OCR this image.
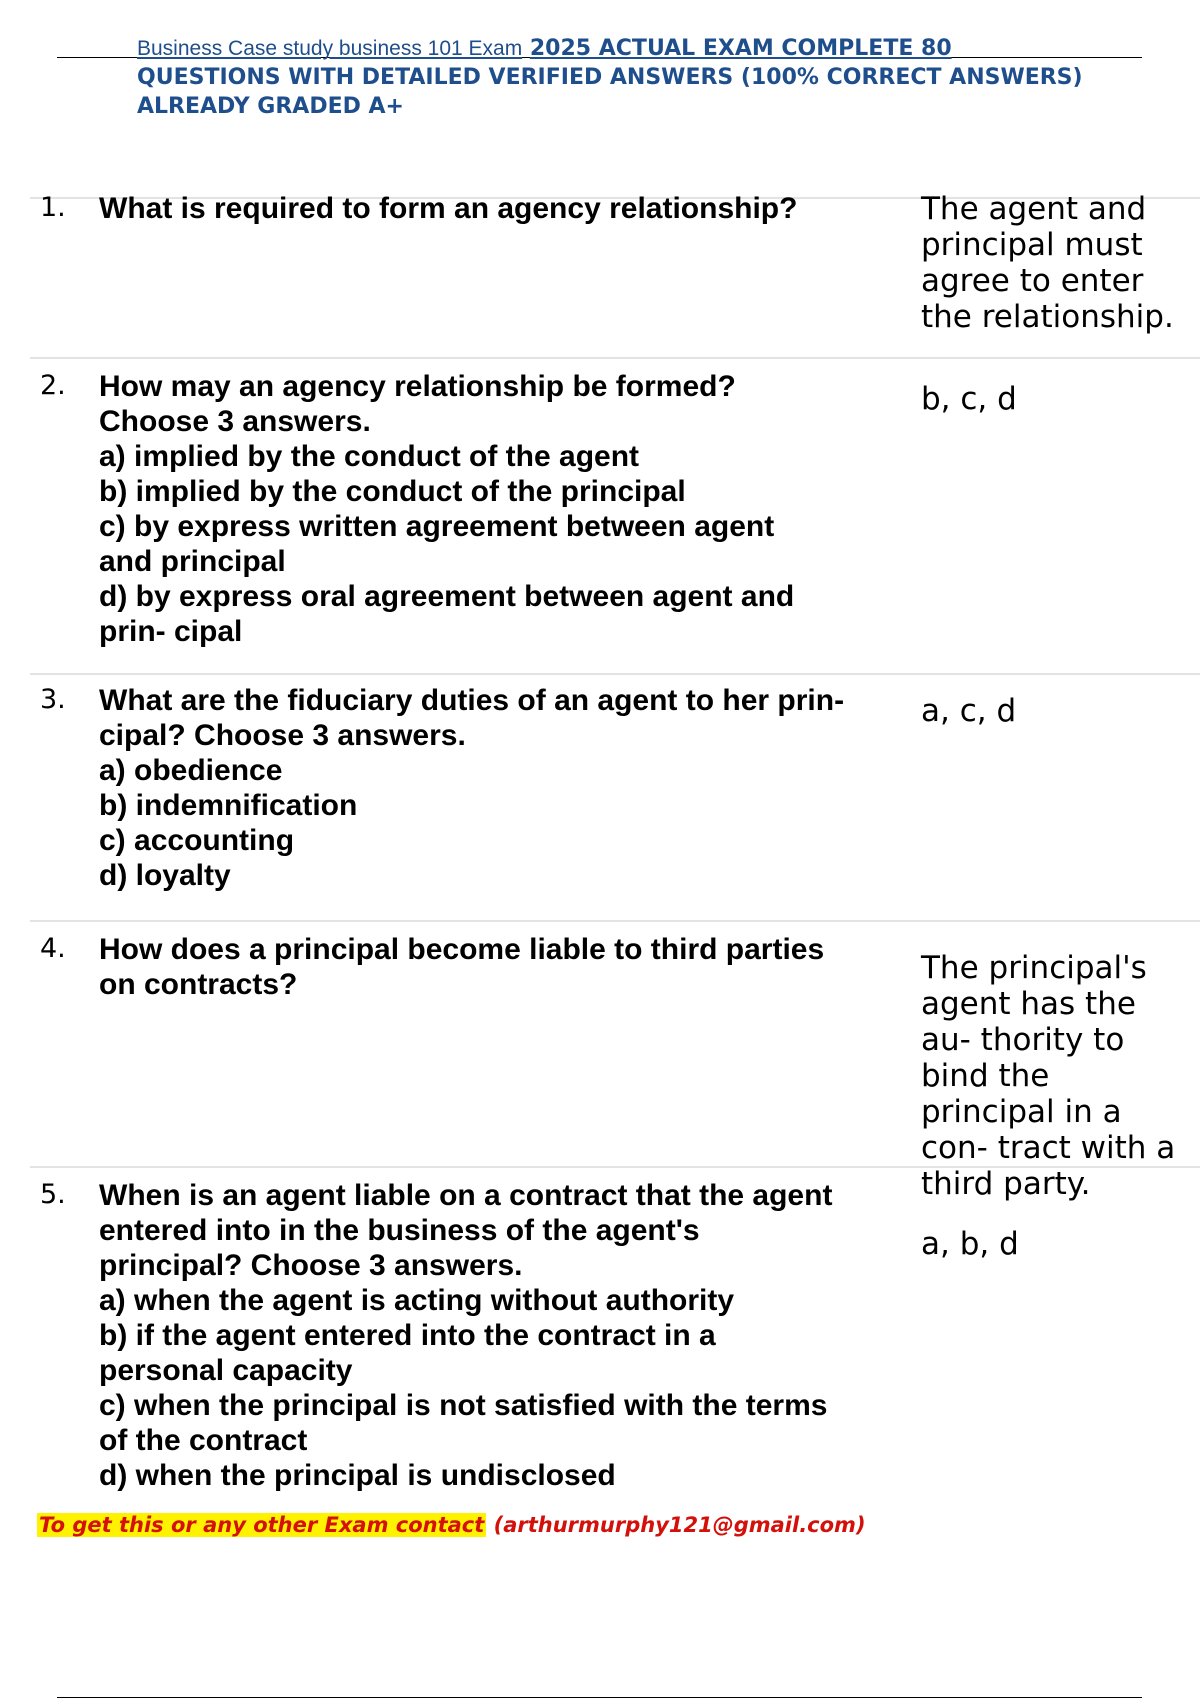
Business Case study business 101 Exam 2025 ACTUAL EXAM COMPLETE 80
QUESTIONS WITH DETAILED VERIFIED ANSWERS (100% CORRECT ANSWERS)
ALREADY GRADED A+
1. What is required to form an agency relationship?	The agent and
principal must
agree to enter
the relationship.
2. How may an agency relationship be formed?
Choose 3 answers.
a) implied by the conduct of the agent
b) implied by the conduct of the principal
c) by express written agreement between agent
and principal
d) by express oral agreement between agent and
prin- cipal
b, c, d
3. What are the fiduciary duties of an agent to her prin-
cipal? Choose 3 answers.
a) obedience
b) indemnification
c) accounting
d) loyalty
a, c, d
4. How does a principal become liable to third parties
on contracts?	The principal's
agent has the
au- thority to
bind the
principal in a
con- tract with a
third party.
5. When is an agent liable on a contract that the agent
entered into in the business of the agent's
principal? Choose 3 answers.
a) when the agent is acting without authority
b) if the agent entered into the contract in a
personal capacity
c) when the principal is not satisfied with the terms
of the contract
d) when the principal is undisclosed
a, b, d
To get this or any other Exam contact (arthurmurphy121@gmail.com)
